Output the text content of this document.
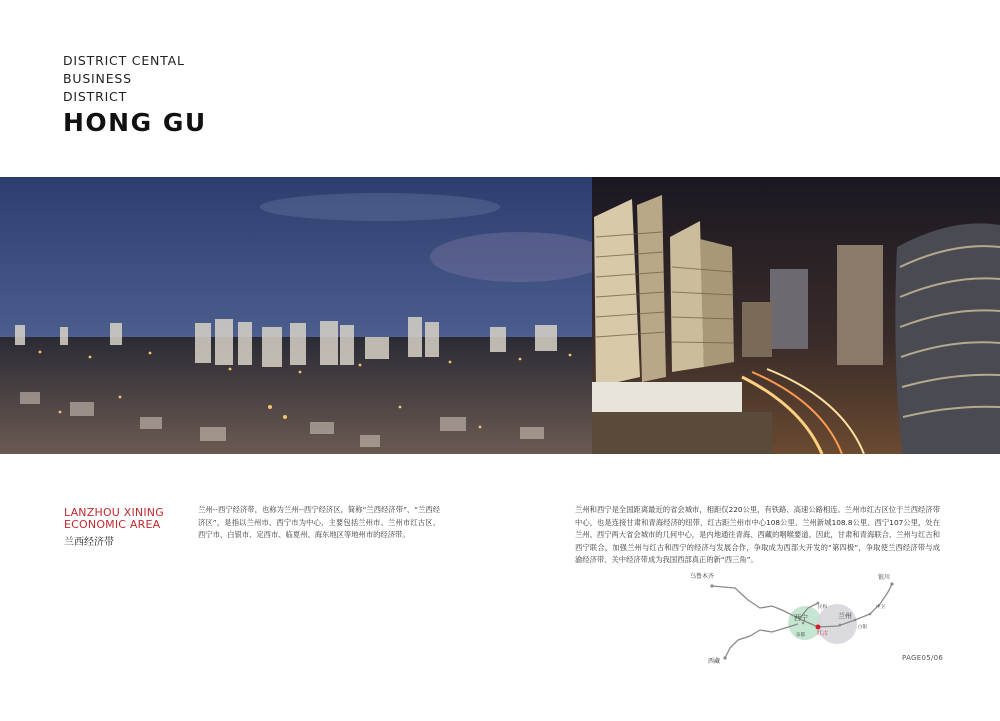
DISTRICT CENTAL
BUSINESS
DISTRICT
HONG GU
LANZHOU XINING
ECONOMIC AREA
兰西经济带
兰州--西宁经济带，也称为兰州--西宁经济区，简称“兰西经济带”、“兰西经济区”，是指以兰州市、西宁市为中心，主要包括兰州市、兰州市红古区、西宁市、白银市、定西市、临夏州、海东地区等地州市的经济带。
兰州和西宁是全国距离最近的省会城市，相距仅220公里，有铁路、高速公路相连。兰州市红古区位于兰西经济带中心，也是连接甘肃和青海经济的纽带，红古距兰州市中心108公里、兰州新城108.8公里、西宁107公里，处在兰州、西宁两大省会城市的几何中心，是内地通往青海、西藏的咽喉要道。因此，甘肃和青海联合、兰州与红古和西宁联合，加强兰州与红古和西宁的经济与发展合作，争取成为西部大开发的“第四极”，争取使兰西经济带与成渝经济带、关中经济带成为我国西部真正的新“西三角”。
乌鲁木齐	银川
西宁	兰州
红古
乐都
民和
白银
中卫
西藏	PAGE05/06
